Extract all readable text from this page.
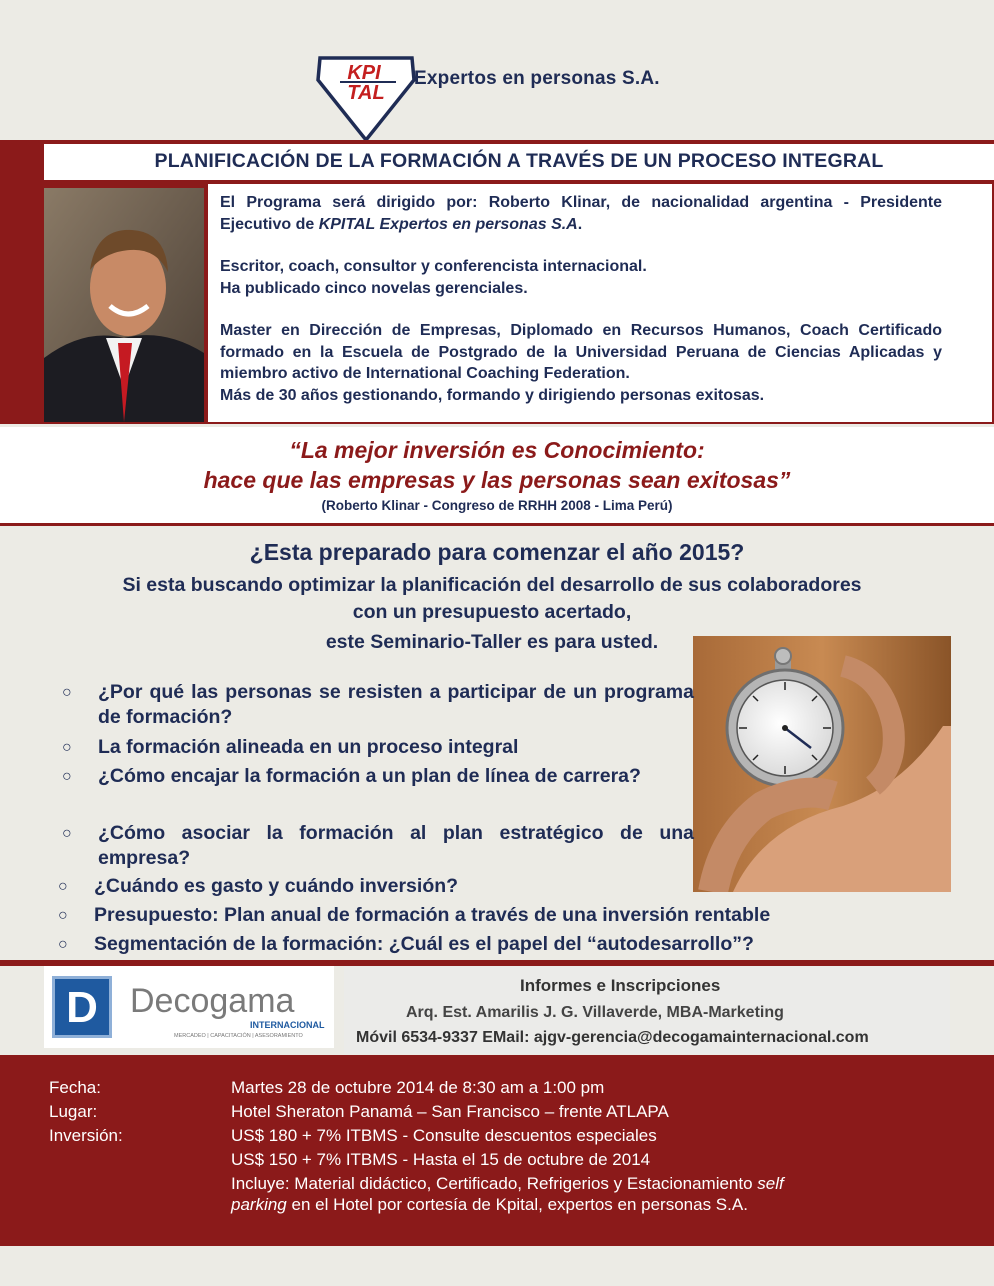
KPI
TAL
Expertos en personas S.A.
PLANIFICACIÓN DE LA FORMACIÓN A TRAVÉS DE UN PROCESO INTEGRAL

El Programa será dirigido por: Roberto Klinar, de nacionalidad argentina - Presidente Ejecutivo de KPITAL Expertos en personas S.A.

Escritor, coach, consultor y conferencista internacional.
Ha publicado cinco novelas gerenciales.

Master en Dirección de Empresas, Diplomado en Recursos Humanos, Coach Certificado formado en la Escuela de Postgrado de la Universidad Peruana de Ciencias Aplicadas y miembro activo de International Coaching Federation.

Más de 30 años gestionando, formando y dirigiendo personas exitosas.

“La mejor inversión es Conocimiento:
hace que las empresas y las personas sean exitosas”
(Roberto Klinar - Congreso de RRHH 2008 - Lima Perú)
¿Esta preparado para comenzar el año 2015?
Si esta buscando optimizar la planificación del desarrollo de sus colaboradores
con un presupuesto acertado,
este Seminario-Taller es para usted.
○ ¿Por qué las personas se resisten a participar de un programa de formación?
○ La formación alineada en un proceso integral
○ ¿Cómo encajar la formación a un plan de línea de carrera?
○ ¿Cómo asociar la formación al plan estratégico de una empresa?
○ ¿Cuándo es gasto y cuándo inversión?
○ Presupuesto: Plan anual de formación a través de una inversión rentable
○ Segmentación de la formación: ¿Cuál es el papel del “autodesarrollo”?
D Decogama
INTERNACIONAL
MERCADEO | CAPACITACIÓN | ASESORAMIENTO
Informes e Inscripciones
Arq. Est. Amarilis J. G. Villaverde, MBA-Marketing
Móvil 6534-9337 EMail: ajgv-gerencia@decogamainternacional.com
Fecha:	Martes 28 de octubre 2014 de 8:30 am a 1:00 pm
Lugar:	Hotel Sheraton Panamá – San Francisco – frente ATLAPA
Inversión:	US$ 180 + 7% ITBMS - Consulte descuentos especiales
US$ 150 + 7% ITBMS - Hasta el 15 de octubre de 2014
Incluye: Material didáctico, Certificado, Refrigerios y Estacionamiento self
parking en el Hotel por cortesía de Kpital, expertos en personas S.A.
